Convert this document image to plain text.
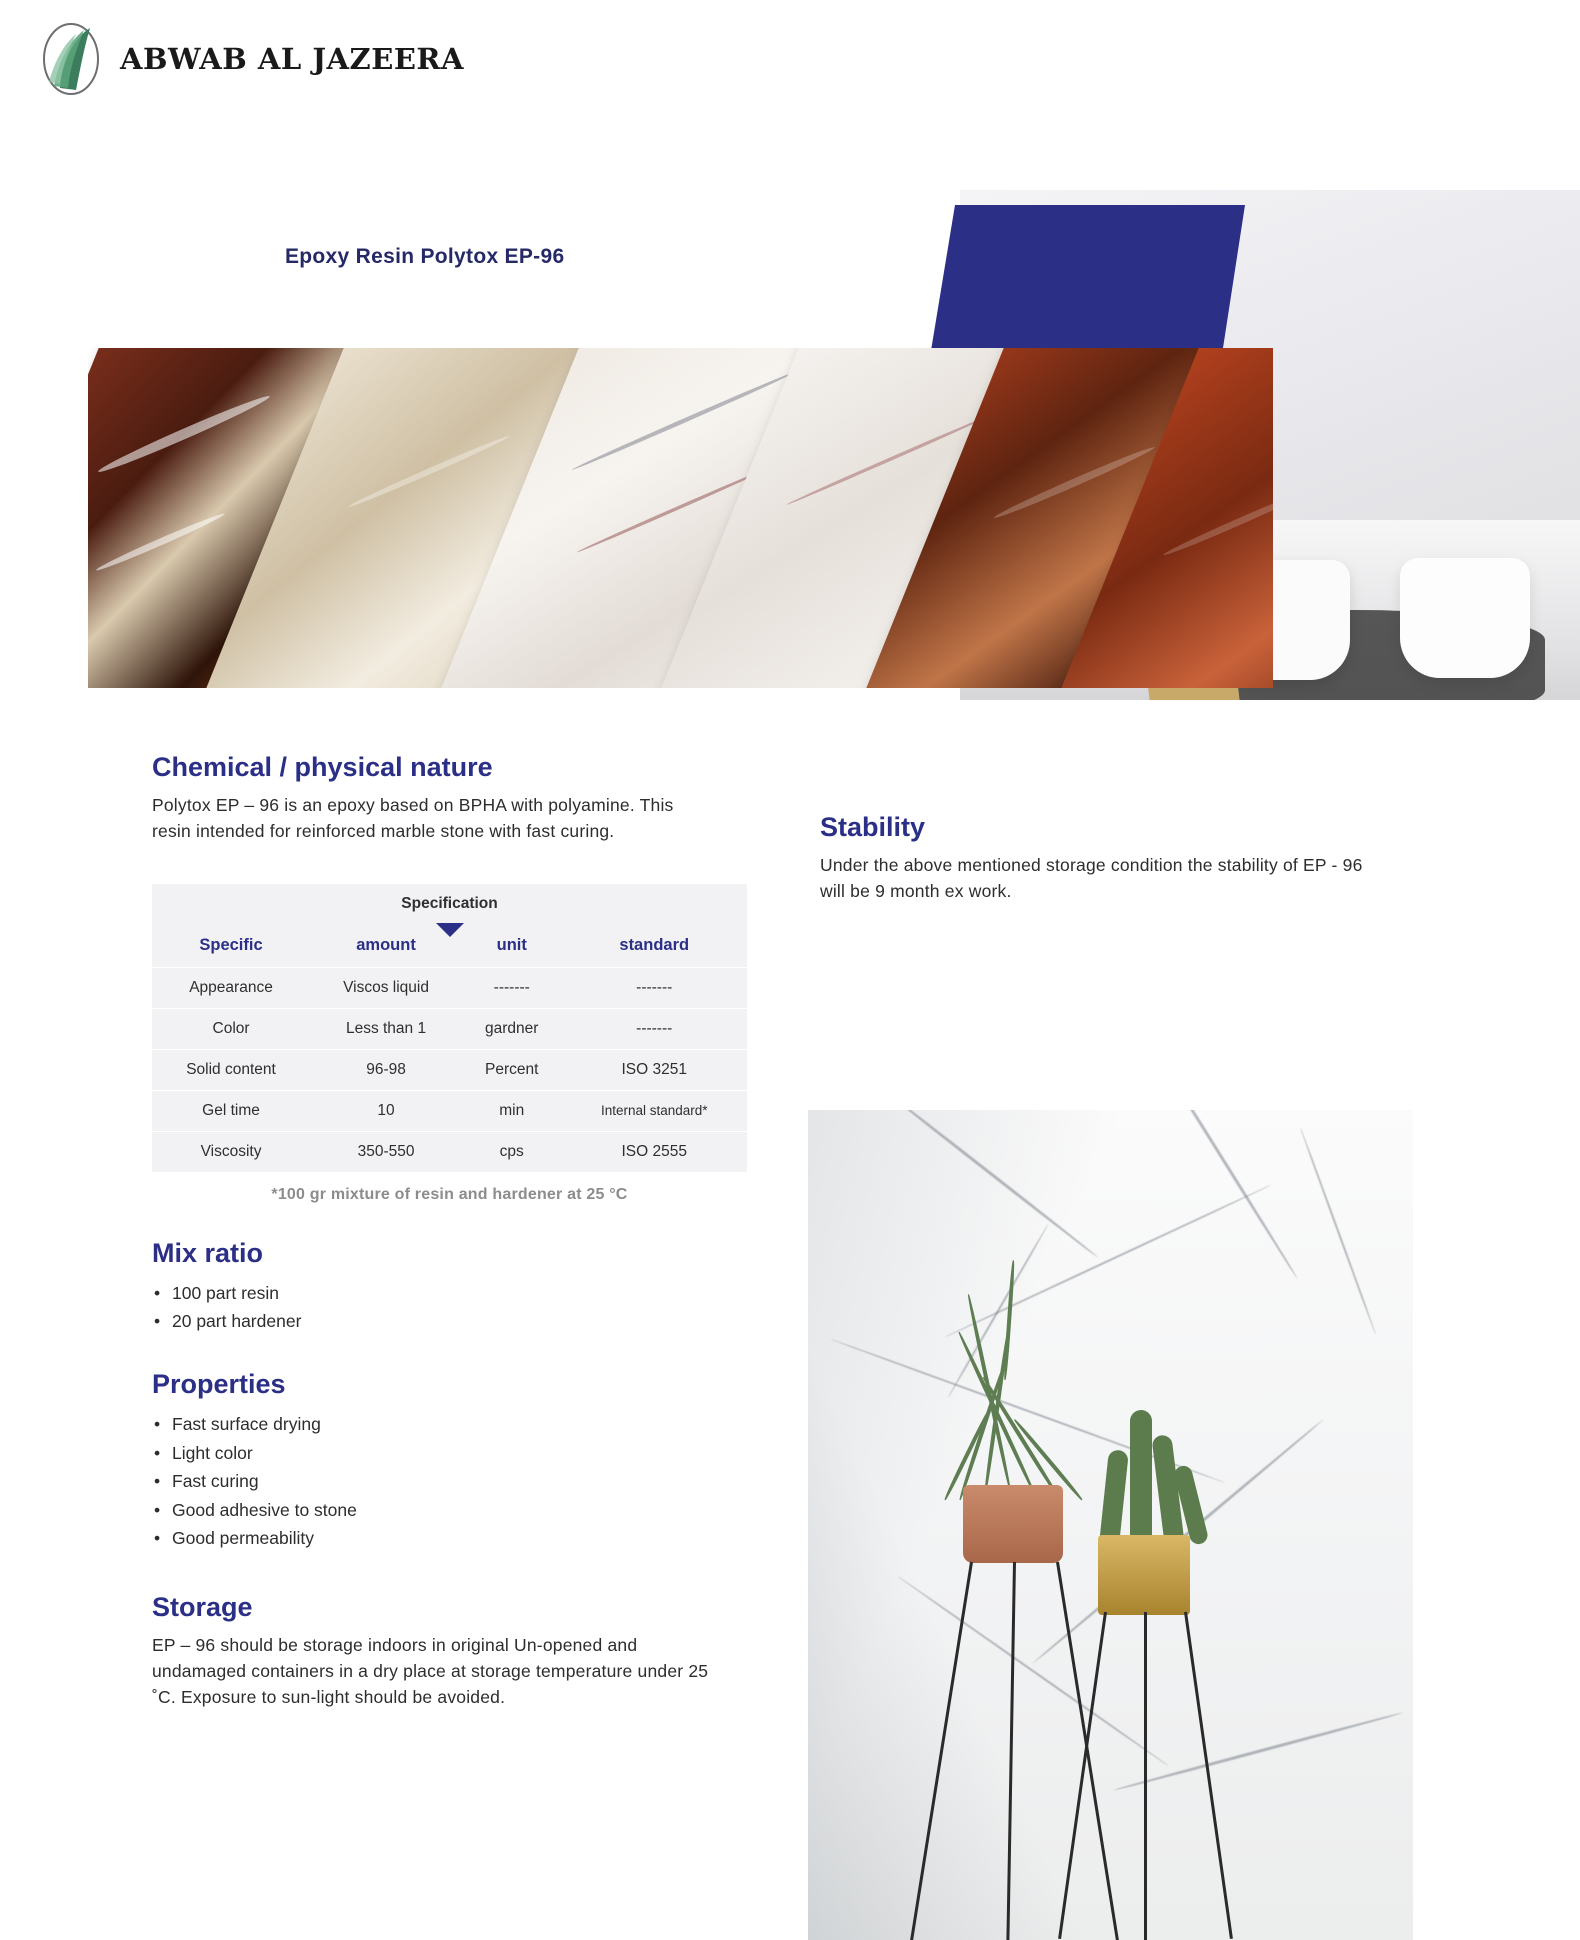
ABWAB AL JAZEERA
Epoxy Resin Polytox EP-96
Chemical / physical nature

Polytox EP – 96 is an epoxy based on BPHA with polyamine. This resin intended for reinforced marble stone with fast curing.

Specification			

Specific	amount	unit	standard
Appearance	Viscos liquid	-------	-------
Color	Less than 1	gardner	-------
Solid content	96-98	Percent	ISO 3251
Gel time	10	min	Internal standard*
Viscosity	350-550	cps	ISO 2555
*100 gr mixture of resin and hardener at 25 °C
Mix ratio
• 100 part resin
• 20 part hardener
Properties
• Fast surface drying
• Light color
• Fast curing
• Good adhesive to stone
• Good permeability
Storage

EP – 96 should be storage indoors in original Un-opened and undamaged containers in a dry place at storage temperature under 25 ˚C. Exposure to sun-light should be avoided.

Stability

Under the above mentioned storage condition the stability of EP - 96 will be 9 month ex work.
